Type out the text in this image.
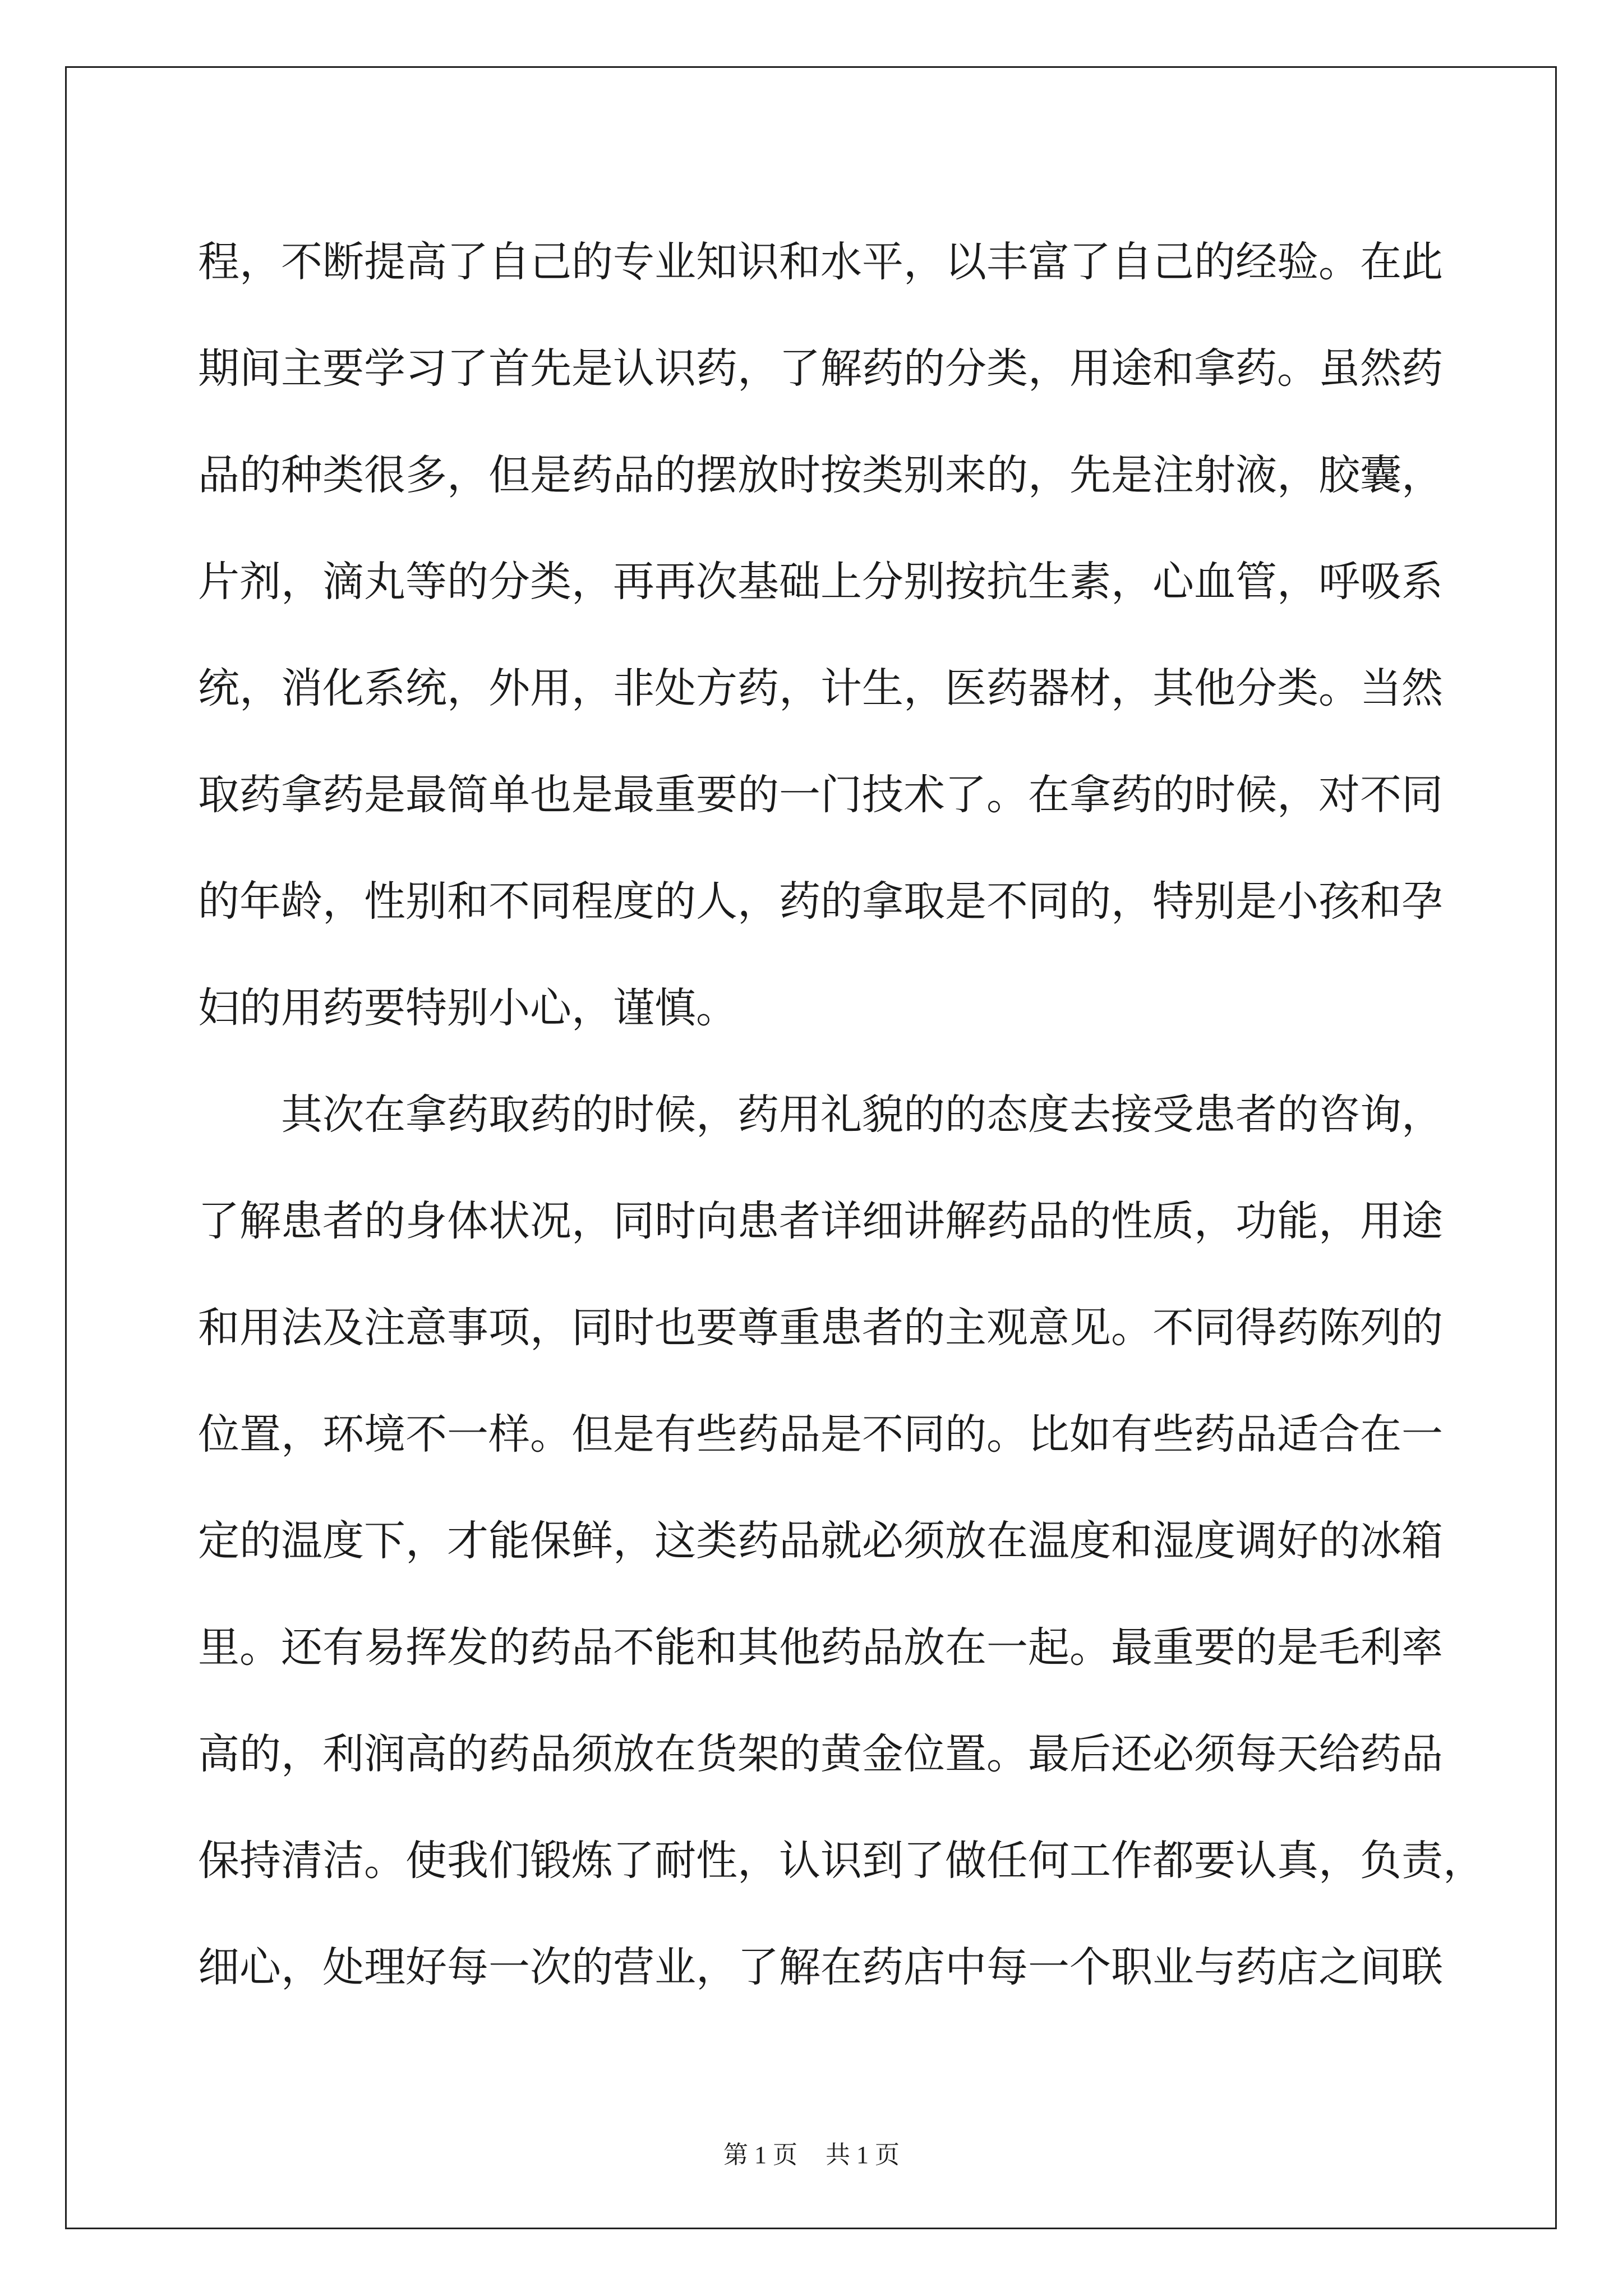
程，不断提高了自己的专业知识和水平，以丰富了自己的经验。在此
期间主要学习了首先是认识药，了解药的分类，用途和拿药。虽然药
品的种类很多，但是药品的摆放时按类别来的，先是注射液，胶囊，
片剂，滴丸等的分类，再再次基础上分别按抗生素，心血管，呼吸系
统，消化系统，外用，非处方药，计生，医药器材，其他分类。当然
取药拿药是最简单也是最重要的一门技术了。在拿药的时候，对不同
的年龄，性别和不同程度的人，药的拿取是不同的，特别是小孩和孕
妇的用药要特别小心，谨慎。
其次在拿药取药的时候，药用礼貌的的态度去接受患者的咨询，
了解患者的身体状况，同时向患者详细讲解药品的性质，功能，用途
和用法及注意事项，同时也要尊重患者的主观意见。不同得药陈列的
位置，环境不一样。但是有些药品是不同的。比如有些药品适合在一
定的温度下，才能保鲜，这类药品就必须放在温度和湿度调好的冰箱
里。还有易挥发的药品不能和其他药品放在一起。最重要的是毛利率
高的，利润高的药品须放在货架的黄金位置。最后还必须每天给药品
保持清洁。使我们锻炼了耐性，认识到了做任何工作都要认真，负责，
细心，处理好每一次的营业，了解在药店中每一个职业与药店之间联
第 1 页 共 1 页
